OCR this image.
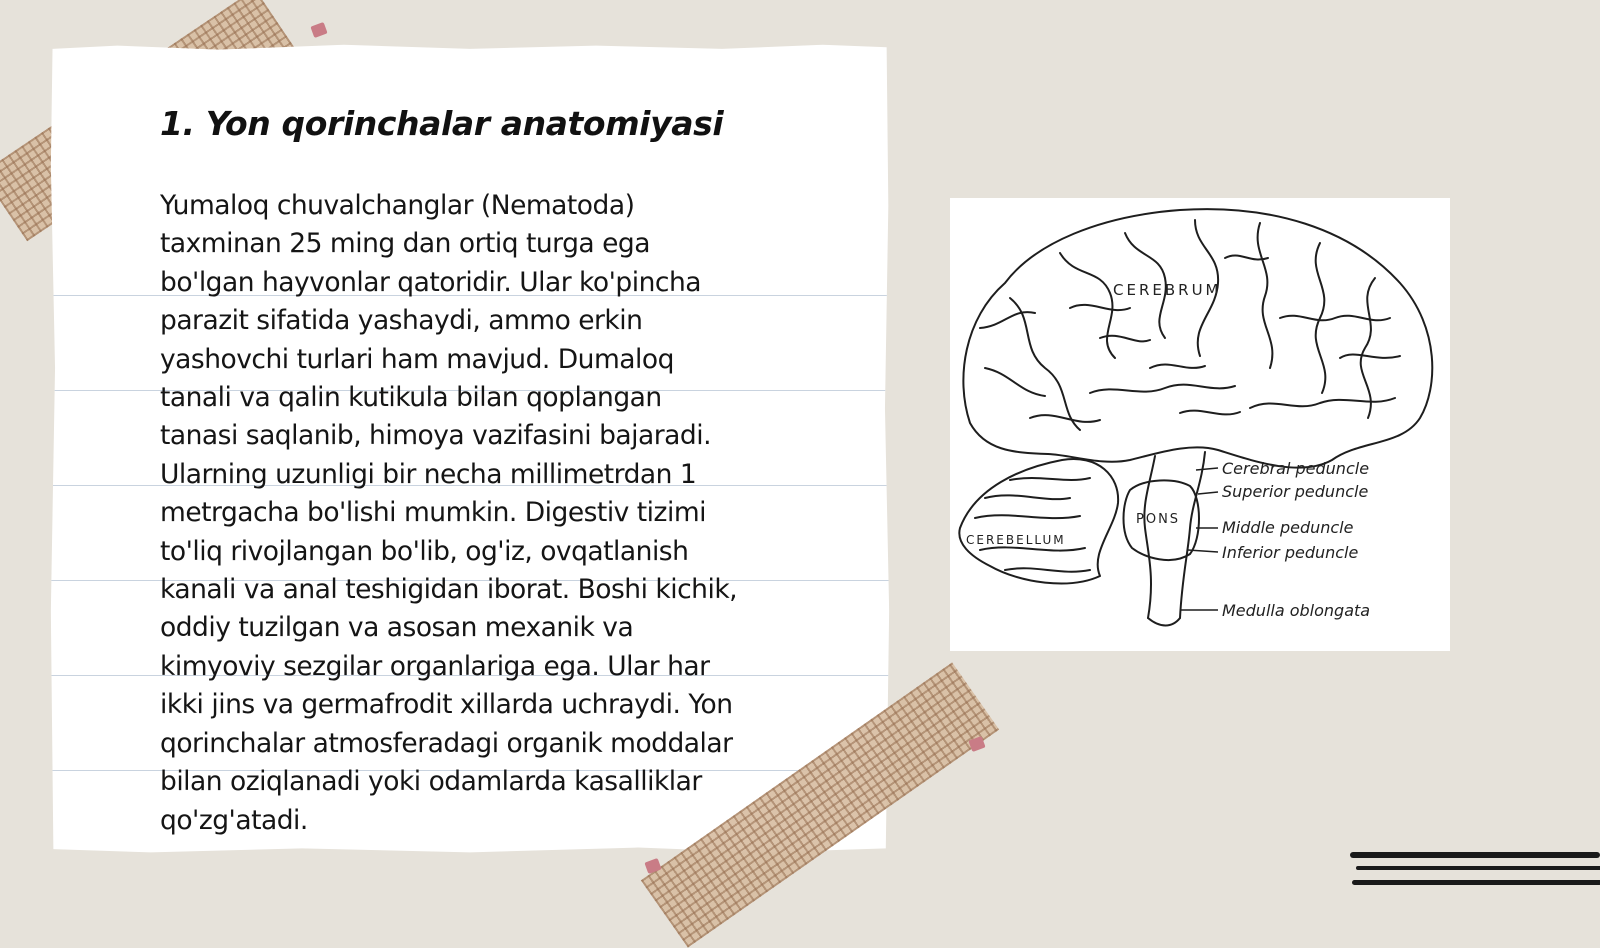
1. Yon qorinchalar anatomiyasi
Yumaloq chuvalchanglar (Nematoda)
taxminan 25 ming dan ortiq turga ega
bo'lgan hayvonlar qatoridir. Ular ko'pincha
parazit sifatida yashaydi, ammo erkin
yashovchi turlari ham mavjud. Dumaloq
tanali va qalin kutikula bilan qoplangan
tanasi saqlanib, himoya vazifasini bajaradi.
Ularning uzunligi bir necha millimetrdan 1
metrgacha bo'lishi mumkin. Digestiv tizimi
to'liq rivojlangan bo'lib, og'iz, ovqatlanish
kanali va anal teshigidan iborat. Boshi kichik,
oddiy tuzilgan va asosan mexanik va
kimyoviy sezgilar organlariga ega. Ular har
ikki jins va germafrodit xillarda uchraydi. Yon
qorinchalar atmosferadagi organik moddalar
bilan oziqlanadi yoki odamlarda kasalliklar
qo'zg'atadi.
CEREBRUM
PONS
CEREBELLUM
Cerebral peduncle
Superior peduncle
Middle peduncle
Inferior peduncle
Medulla oblongata
